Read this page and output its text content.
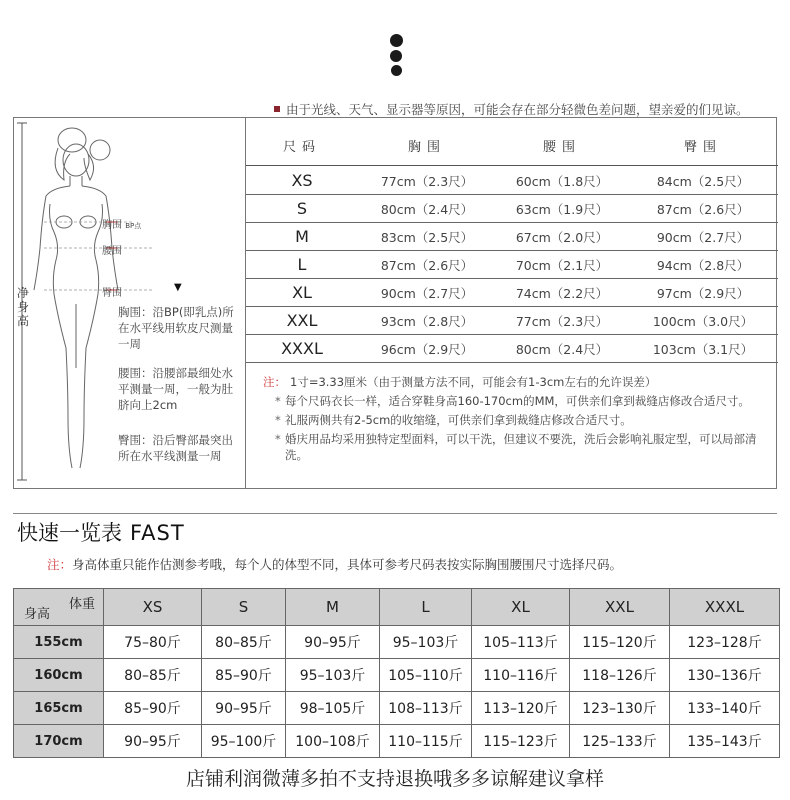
由于光线、天气、显示器等原因，可能会存在部分轻微色差问题，望亲爱的们见谅。
净身高
胸围 BP点
腰围
臀围
▼
胸围：沿BP(即乳点)所在水平线用软皮尺测量一周
腰围：沿腰部最细处水平测量一周，一般为肚脐向上2cm
臀围：沿后臀部最突出所在水平线测量一周
尺码	胸围	腰围	臀围
XS	77cm（2.3尺）	60cm（1.8尺）	84cm（2.5尺）
S	80cm（2.4尺）	63cm（1.9尺）	87cm（2.6尺）
M	83cm（2.5尺）	67cm（2.0尺）	90cm（2.7尺）
L	87cm（2.6尺）	70cm（2.1尺）	94cm（2.8尺）
XL	90cm（2.7尺）	74cm（2.2尺）	97cm（2.9尺）
XXL	93cm（2.8尺）	77cm（2.3尺）	100cm（3.0尺）
XXXL	96cm（2.9尺）	80cm（2.4尺）	103cm（3.1尺）

注： 1寸=3.33厘米（由于测量方法不同，可能会有1-3cm左右的允许误差）

* 每个尺码衣长一样，适合穿鞋身高160-170cm的MM，可供亲们拿到裁缝店修改合适尺寸。

* 礼服两侧共有2-5cm的收缩缝，可供亲们拿到裁缝店修改合适尺寸。

* 婚庆用品均采用独特定型面料，可以干洗，但建议不要洗，洗后会影响礼服定型，可以局部清洗。

快速一览表 FAST
注：身高体重只能作估测参考哦，每个人的体型不同，具体可参考尺码表按实际胸围腰围尺寸选择尺码。
体重
身高	XS	S	M	L	XL	XXL	XXXL
155cm	75–80斤	80–85斤	90–95斤	95–103斤	105–113斤	115–120斤	123–128斤
160cm	80–85斤	85–90斤	95–103斤	105–110斤	110–116斤	118–126斤	130–136斤
165cm	85–90斤	90–95斤	98–105斤	108–113斤	113–120斤	123–130斤	133–140斤
170cm	90–95斤	95–100斤	100–108斤	110–115斤	115–123斤	125–133斤	135–143斤
店铺利润微薄多拍不支持退换哦多多谅解建议拿样
